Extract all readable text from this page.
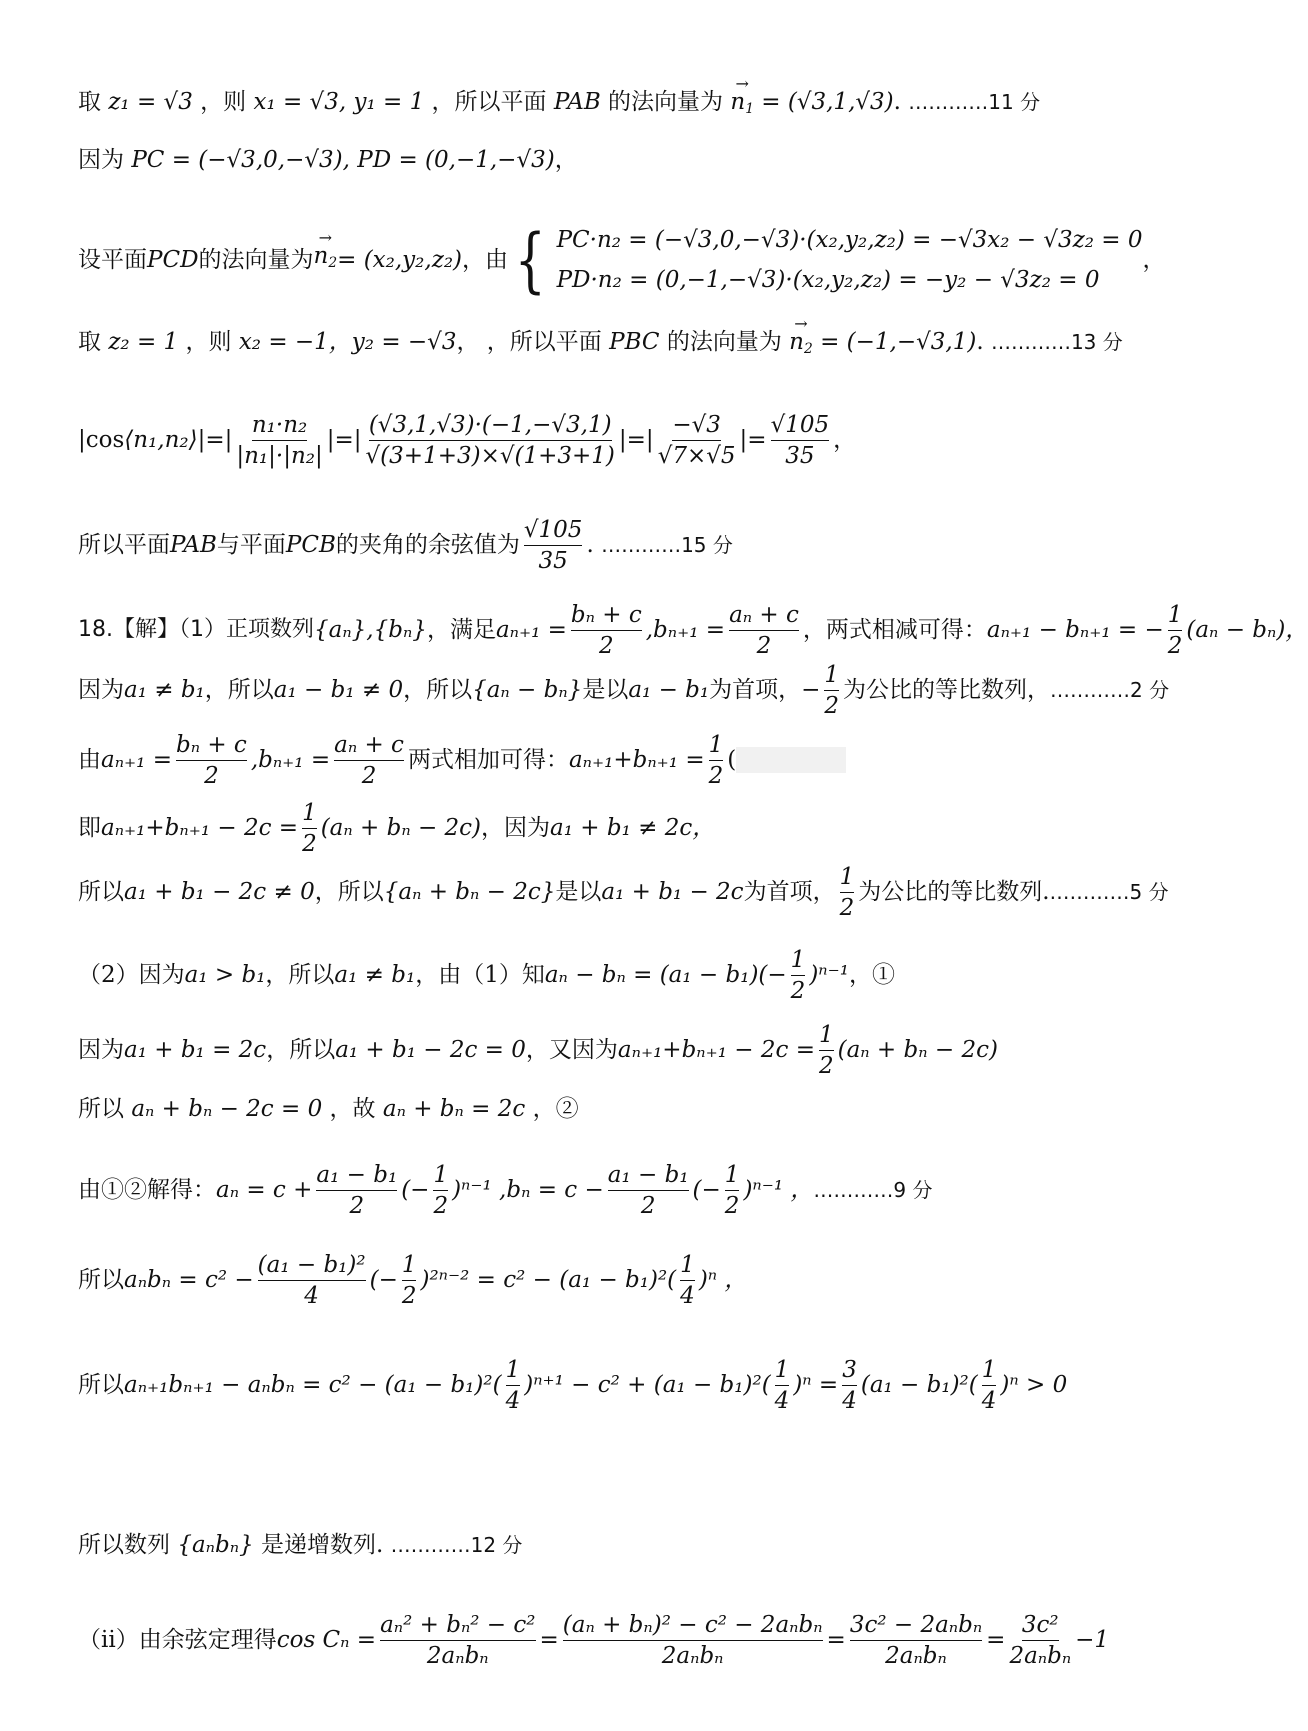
取 z₁ = √3 ，则 x₁ = √3, y₁ = 1 ，所以平面 PAB 的法向量为 → $n_1 = (√3,1,√3)$. …………11 分
因为 PC = (−√3,0,−√3), PD = (0,−1,−√3)，
设平面 PCD 的法向量为 → $n_2 = (x_2,y_2,z_2)$ ，由 { PC·n₂ = (−√3,0,−√3)·(x₂,y₂,z₂) = −√3x₂ − √3z₂ = 0
PD·n₂ = (0,−1,−√3)·(x₂,y₂,z₂) = −y₂ − √3z₂ = 0
，
取 z₂ = 1 ，则 x₂ = −1，y₂ = −√3， ，所以平面 PBC 的法向量为 → $n_2 = (-1,-√3,1)$. …………13 分
|cos ⟨n₁,n₂⟩|=| $\frac{\text{n₁·n₂}}{\text{|n₁|·|n₂|}}$ |=| $\frac{(√3,1,√3)\cdot(-1,-√3,1)}{√(3+1+3)\times√(1+3+1)}$ |=| $\frac{-√3}{√7\times√5}$ |= $\frac{√105}{35}$ ，
所以平面 PAB 与平面 PCB 的夹角的余弦值为 $\frac{√105}{35}$ . …………15 分
18.【解】（1）正项数列 {aₙ},{bₙ} ，满足 $a_{n+1} = \frac{\text{bₙ + c}}{2} ,b_{n+1} = \frac{\text{aₙ + c}}{2}$ ，两式相减可得： aₙ₊₁ − bₙ₊₁ = − $\frac{1}{2} (a_n - b_n)$，
因为 a₁ ≠ b₁ ，所以 a₁ − b₁ ≠ 0 ，所以 {aₙ − bₙ} 是以 a₁ − b₁ 为首项， − $\frac{1}{2}$ 为公比的等比数列， …………2 分
由 $a_{n+1} = \frac{\text{bₙ + c}}{2} ,b_{n+1} = \frac{\text{aₙ + c}}{2}$ 两式相加可得： $a_{n+1}+b_{n+1} = \frac{1}{2}$ (
即 $a_{n+1}+b_{n+1} - 2c = \frac{1}{2} (a_n + b_n - 2c)$ ，因为 a₁ + b₁ ≠ 2c，
所以 a₁ + b₁ − 2c ≠ 0 ，所以 {aₙ + bₙ − 2c} 是以 a₁ + b₁ − 2c 为首项， $\frac{1}{2}$ 为公比的等比数列. …………5 分
（2）因为 a₁ > b₁ ，所以 a₁ ≠ b₁ ，由（1）知 $a_n - b_n = (a_1 - b_1)(- \frac{1}{2} )^{n-1}$ ，①
因为 a₁ + b₁ = 2c ，所以 a₁ + b₁ − 2c = 0 ，又因为 $a_{n+1}+b_{n+1} - 2c = \frac{1}{2} (a_n + b_n - 2c)$
所以 aₙ + bₙ − 2c = 0 ，故 aₙ + bₙ = 2c ，②
由①②解得： $a_n = c + \frac{\text{a₁ − b₁}}{2}$ (− $\frac{1}{2} )^{n-1}$ $,b_n = c - \frac{\text{a₁ − b₁}}{2}$ (− $\frac{1}{2} )^{n-1}$ ， …………9 分
所以 $a_nb_n = c^2 - \frac{\text{(a₁ − b₁)²}}{4}$ (− $\frac{1}{2} )^{2n-2} = c^2 - (a_1 - b_1)^2( \frac{1}{4} )^n$ ，
所以 $a_{n+1}b_{n+1} - a_nb_n = c^2 - (a_1 - b_1)^2( \frac{1}{4} )^{n+1} - c^2 + (a_1 - b_1)^2( \frac{1}{4} )^n = \frac{3}{4} (a_1 - b_1)^2( \frac{1}{4} )^n > 0$
所以数列 {aₙbₙ} 是递增数列. …………12 分
（ii）由余弦定理得 $\cos C_n = \frac{\text{aₙ² + bₙ² − c²}}{\text{2aₙbₙ}} = \frac{\text{(aₙ + bₙ)² − c² − 2aₙbₙ}}{\text{2aₙbₙ}} = \frac{\text{3c² − 2aₙbₙ}}{\text{2aₙbₙ}} = \frac{\text{3c²}}{\text{2aₙbₙ}} -1$
